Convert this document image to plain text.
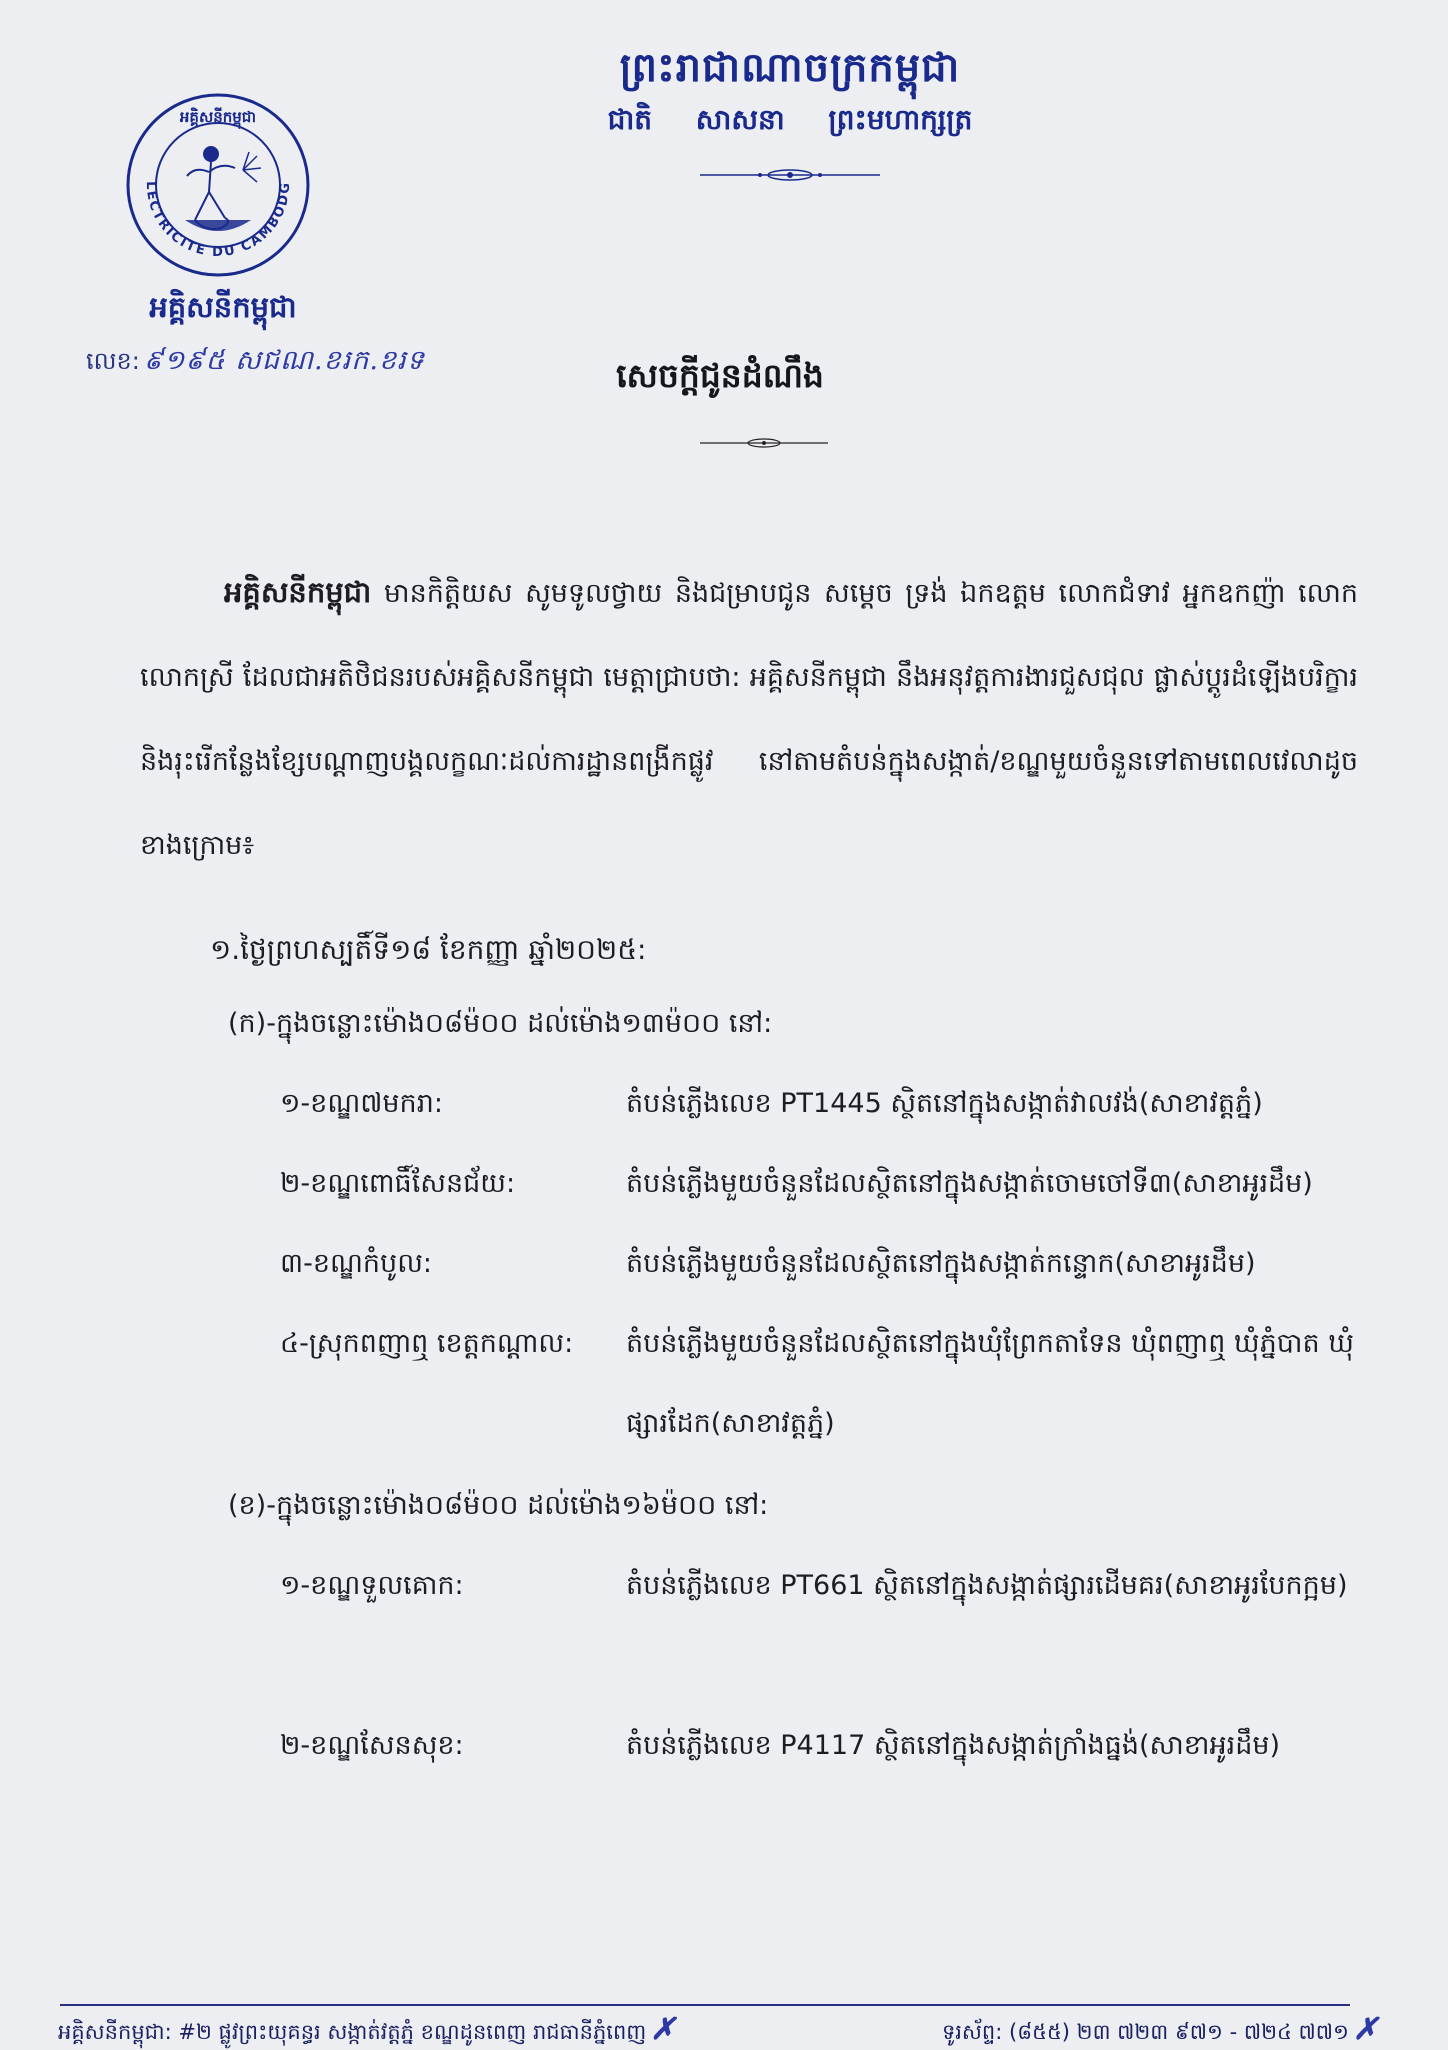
ព្រះរាជាណាចក្រកម្ពុជា
ជាតិ សាសនា ព្រះមហាក្សត្រ
LECTRICITE DU CAMBODG
អគ្គិសនីកម្ពុជា
អគ្គិសនីកម្ពុជា
លេខ: ៩១៩៥ សជណ.ខរក.ខរទ	សេចក្ដីជូនដំណឹង
អគ្គិសនីកម្ពុជា មានកិត្តិយស សូមទូលថ្វាយ និងជម្រាបជូន សម្ដេច ទ្រង់ ឯកឧត្តម លោកជំទាវ អ្នកឧកញ៉ា លោក លោកស្រី ដែលជាអតិថិជនរបស់អគ្គិសនីកម្ពុជា មេត្តាជ្រាបថា: អគ្គិសនីកម្ពុជា នឹងអនុវត្តការងារជួសជុល ផ្លាស់ប្ដូរដំឡើងបរិក្ខារ និងរុះរើកន្លែងខ្សែបណ្ដាញបង្គលក្ខណៈដល់ការដ្ឋានពង្រីកផ្លូវ នៅតាមតំបន់ក្នុងសង្កាត់/ខណ្ឌមួយចំនួនទៅតាមពេលវេលាដូចខាងក្រោម៖
១.ថ្ងៃព្រហស្បតិ៍ទី១៨ ខែកញ្ញា ឆ្នាំ២០២៥:
(ក)-ក្នុងចន្លោះម៉ោង០៨ម៉០០ ដល់ម៉ោង១៣ម៉០០ នៅ:
១-ខណ្ឌ៧មករា:	តំបន់ភ្លើងលេខ PT1445 ស្ថិតនៅក្នុងសង្កាត់វាលវង់(សាខាវត្តភ្នំ)
២-ខណ្ឌពោធិ៍សែនជ័យ:	តំបន់ភ្លើងមួយចំនួនដែលស្ថិតនៅក្នុងសង្កាត់ចោមចៅទី៣(សាខាអូរដឹម)
៣-ខណ្ឌកំបូល:	តំបន់ភ្លើងមួយចំនួនដែលស្ថិតនៅក្នុងសង្កាត់កន្ទោក(សាខាអូរដឹម)
៤-ស្រុកពញាឮ ខេត្តកណ្ដាល: តំបន់ភ្លើងមួយចំនួនដែលស្ថិតនៅក្នុងឃុំព្រែកតាទែន ឃុំពញាឮ ឃុំភ្នំបាត ឃុំផ្សារដែក(សាខាវត្តភ្នំ)
(ខ)-ក្នុងចន្លោះម៉ោង០៨ម៉០០ ដល់ម៉ោង១៦ម៉០០ នៅ:
១-ខណ្ឌទួលគោក:	តំបន់ភ្លើងលេខ PT661 ស្ថិតនៅក្នុងសង្កាត់ផ្សារដើមគរ(សាខាអូរបែកក្អម)
២-ខណ្ឌសែនសុខ:	តំបន់ភ្លើងលេខ P4117 ស្ថិតនៅក្នុងសង្កាត់ក្រាំងធ្នង់(សាខាអូរដឹម)
អគ្គិសនីកម្ពុជា: #២ ផ្លូវព្រះយុគន្ធរ សង្កាត់វត្តភ្នំ ខណ្ឌដូនពេញ រាជធានីភ្នំពេញ ✗	ទូរស័ព្ទ: (៨៥៥) ២៣ ៧២៣ ៩៧១ - ៧២៤ ៧៧១ ✗
